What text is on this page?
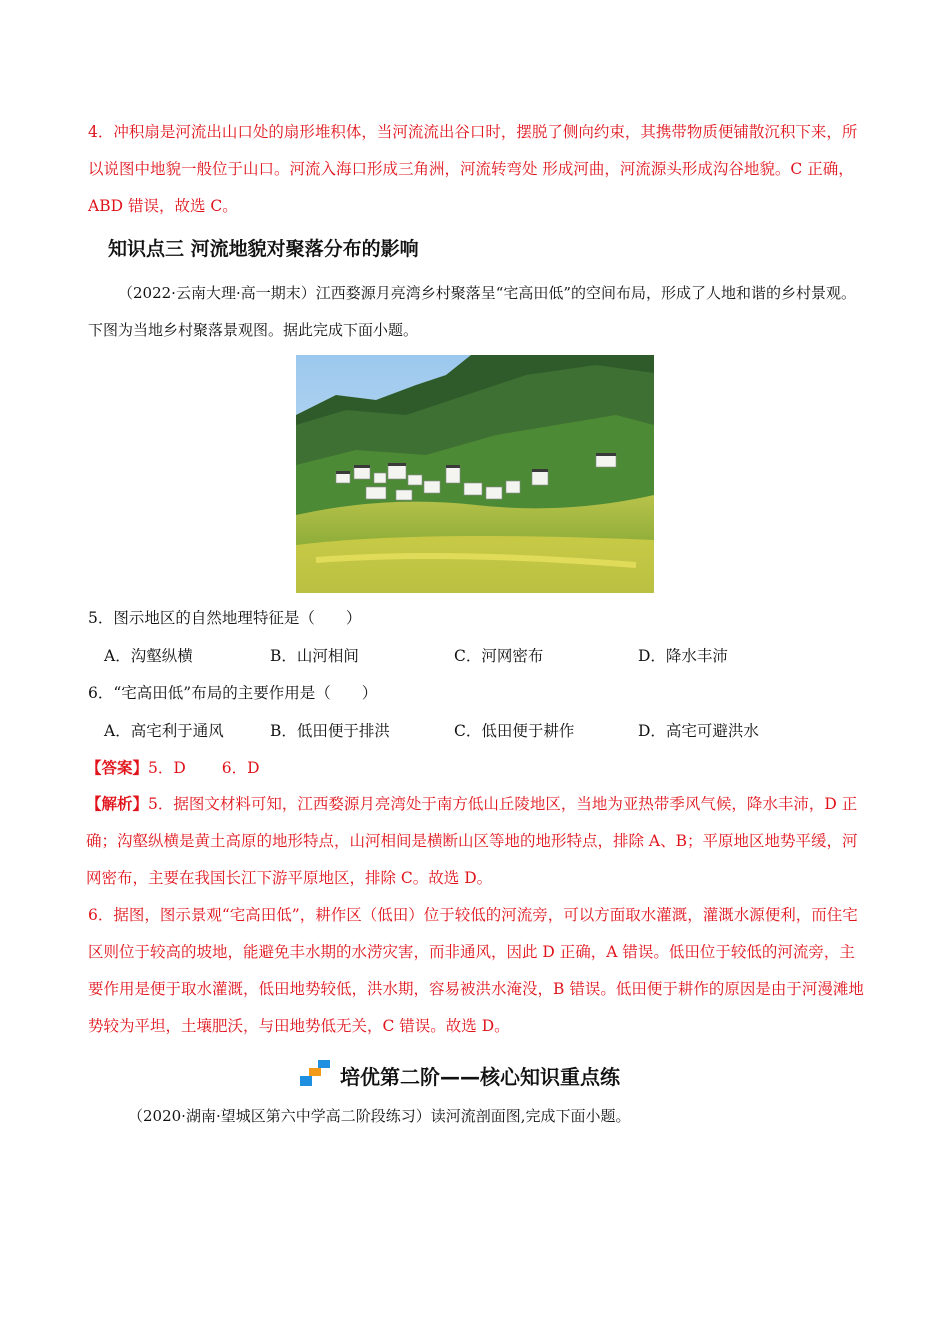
4．冲积扇是河流出山口处的扇形堆积体，当河流流出谷口时，摆脱了侧向约束，其携带物质便铺散沉积下来，所以说图中地貌一般位于山口。河流入海口形成三角洲，河流转弯处 形成河曲，河流源头形成沟谷地貌。C 正确，ABD 错误，故选 C。

知识点三 河流地貌对聚落分布的影响

（2022·云南大理·高一期末）江西婺源月亮湾乡村聚落呈“宅高田低”的空间布局，形成了人地和谐的乡村景观。下图为当地乡村聚落景观图。据此完成下面小题。

5．图示地区的自然地理特征是（　　）
A．沟壑纵横	B．山河相间	C．河网密布	D．降水丰沛
6．“宅高田低”布局的主要作用是（　　）
A．高宅利于通风	B．低田便于排洪	C．低田便于耕作	D．高宅可避洪水
【答案】5．D　　 6．D

【解析】5．据图文材料可知，江西婺源月亮湾处于南方低山丘陵地区，当地为亚热带季风气候，降水丰沛，D 正确；沟壑纵横是黄土高原的地形特点，山河相间是横断山区等地的地形特点，排除 A、B；平原地区地势平缓，河网密布，主要在我国长江下游平原地区，排除 C。故选 D。

6．据图，图示景观“宅高田低”，耕作区（低田）位于较低的河流旁，可以方面取水灌溉，灌溉水源便利，而住宅区则位于较高的坡地，能避免丰水期的水涝灾害，而非通风，因此 D 正确，A 错误。低田位于较低的河流旁，主要作用是便于取水灌溉，低田地势较低，洪水期，容易被洪水淹没，B 错误。低田便于耕作的原因是由于河漫滩地势较为平坦，土壤肥沃，与田地势低无关，C 错误。故选 D。

培优第二阶——核心知识重点练
（2020·湖南·望城区第六中学高二阶段练习）读河流剖面图,完成下面小题。
